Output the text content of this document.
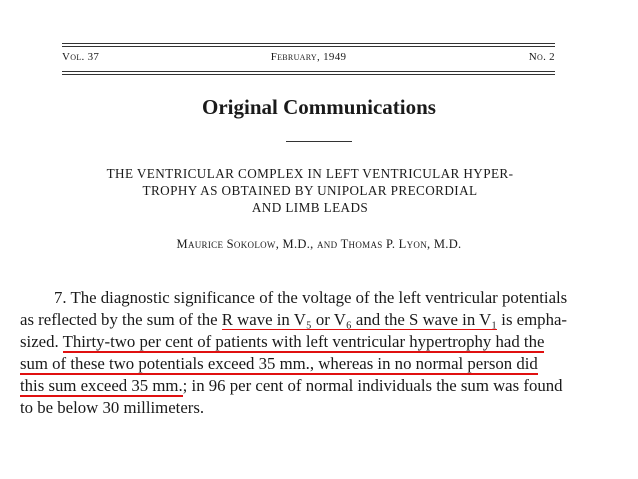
Vol. 37	February, 1949	No. 2
Original Communications
THE VENTRICULAR COMPLEX IN LEFT VENTRICULAR HYPER-
TROPHY AS OBTAINED BY UNIPOLAR PRECORDIAL
AND LIMB LEADS
Maurice Sokolow, M.D., and Thomas P. Lyon, M.D.
7. The diagnostic significance of the voltage of the left ventricular potentials
as reflected by the sum of the R wave in V₅ or V₆ and the S wave in V₁ is empha-
sized. Thirty-two per cent of patients with left ventricular hypertrophy had the
sum of these two potentials exceed 35 mm., whereas in no normal person did
this sum exceed 35 mm.; in 96 per cent of normal individuals the sum was found
to be below 30 millimeters.
